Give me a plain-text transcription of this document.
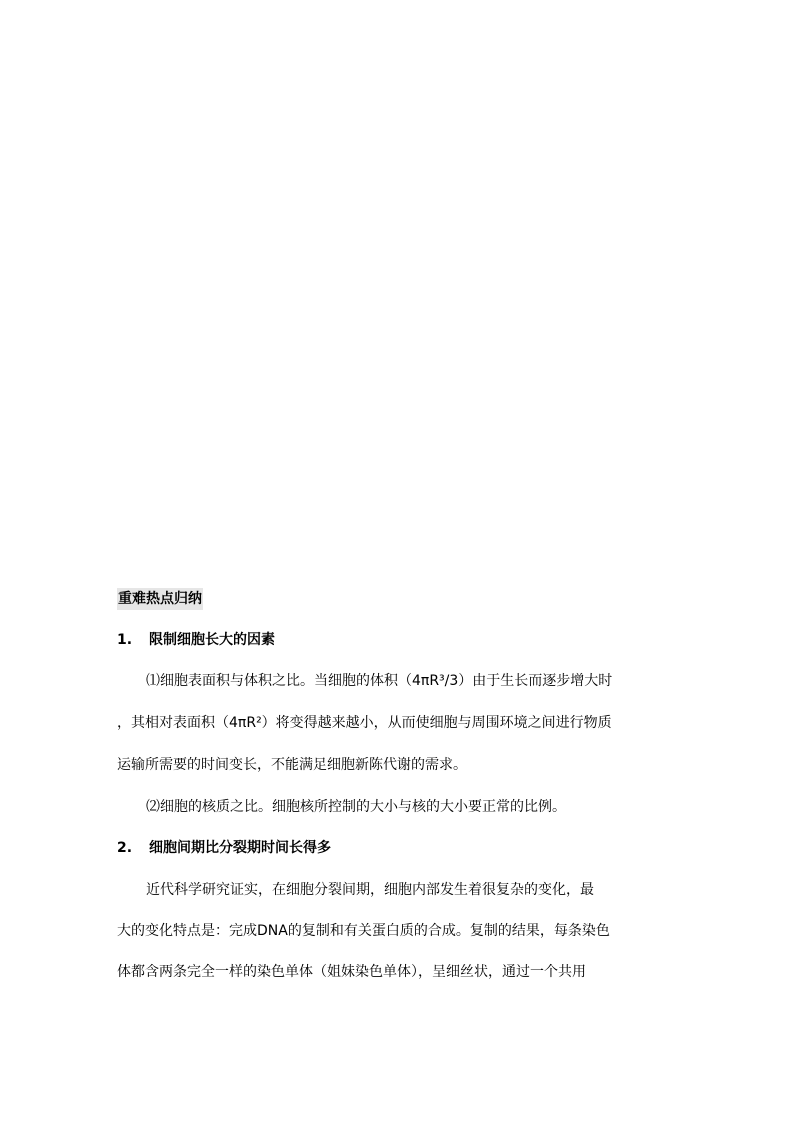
重难热点归纳
1. 限制细胞长大的因素
⑴细胞表面积与体积之比。当细胞的体积（4πR³/3）由于生长而逐步增大时
，其相对表面积（4πR²）将变得越来越小，从而使细胞与周围环境之间进行物质
运输所需要的时间变长，不能满足细胞新陈代谢的需求。
⑵细胞的核质之比。细胞核所控制的大小与核的大小要正常的比例。
2. 细胞间期比分裂期时间长得多
近代科学研究证实，在细胞分裂间期，细胞内部发生着很复杂的变化，最
大的变化特点是：完成DNA的复制和有关蛋白质的合成。复制的结果，每条染色
体都含两条完全一样的染色单体（姐妹染色单体），呈细丝状，通过一个共用
